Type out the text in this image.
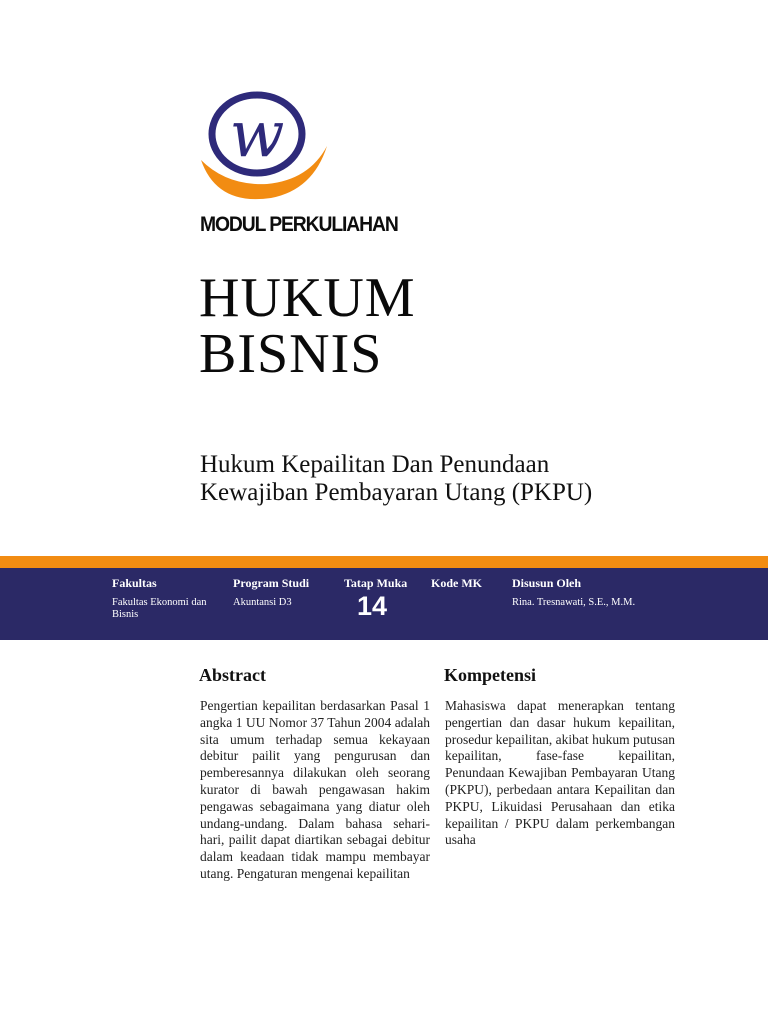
w
MODUL PERKULIAHAN
HUKUM
BISNIS
Hukum Kepailitan Dan Penundaan
Kewajiban Pembayaran Utang (PKPU)
Fakultas
Fakultas Ekonomi dan
Bisnis
Program Studi
Akuntansi D3
Tatap Muka
14
Kode MK	Disusun Oleh
Rina. Tresnawati, S.E., M.M.
Abstract

Pengertian kepailitan berdasarkan Pasal 1 angka 1 UU Nomor 37 Tahun 2004 adalah sita umum terhadap semua kekayaan debitur pailit yang pengurusan dan pemberesannya dilakukan oleh seorang kurator di bawah pengawasan hakim pengawas sebagaimana yang diatur oleh undang-undang. Dalam bahasa sehari-hari, pailit dapat diartikan sebagai debitur dalam keadaan tidak mampu membayar utang. Pengaturan mengenai kepailitan

Kompetensi

Mahasiswa dapat menerapkan tentang pengertian dan dasar hukum kepailitan, prosedur kepailitan, akibat hukum putusan kepailitan, fase-fase kepailitan, Penundaan Kewajiban Pembayaran Utang (PKPU), perbedaan antara Kepailitan dan PKPU, Likuidasi Perusahaan dan etika kepailitan / PKPU dalam perkembangan usaha
